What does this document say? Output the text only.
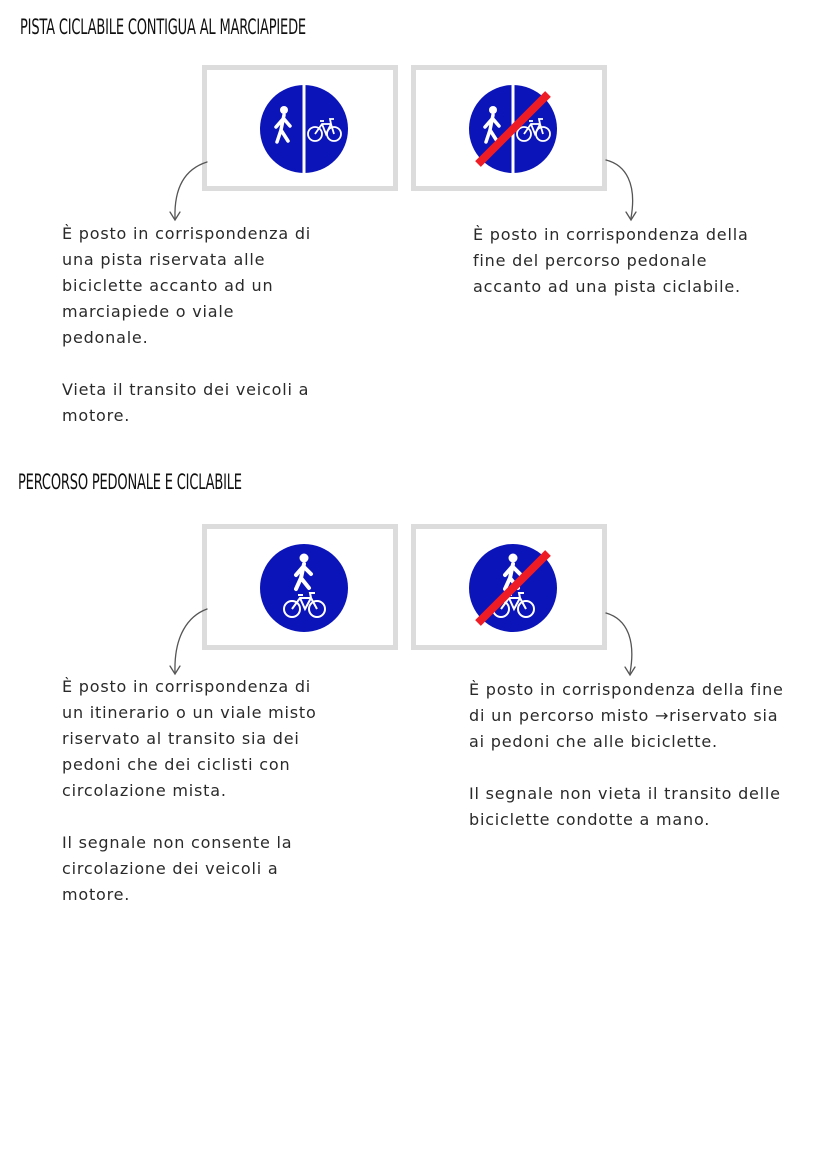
PISTA CICLABILE CONTIGUA AL MARCIAPIEDE

È posto in corrispondenza di
una pista riservata alle
biciclette accanto ad un
marciapiede o viale
pedonale.

Vieta il transito dei veicoli a
motore.

È posto in corrispondenza della
fine del percorso pedonale
accanto ad una pista ciclabile.

PERCORSO PEDONALE E CICLABILE

È posto in corrispondenza di
un itinerario o un viale misto
riservato al transito sia dei
pedoni che dei ciclisti con
circolazione mista.

Il segnale non consente la
circolazione dei veicoli a
motore.

È posto in corrispondenza della fine
di un percorso misto →riservato sia
ai pedoni che alle biciclette.

Il segnale non vieta il transito delle
biciclette condotte a mano.
